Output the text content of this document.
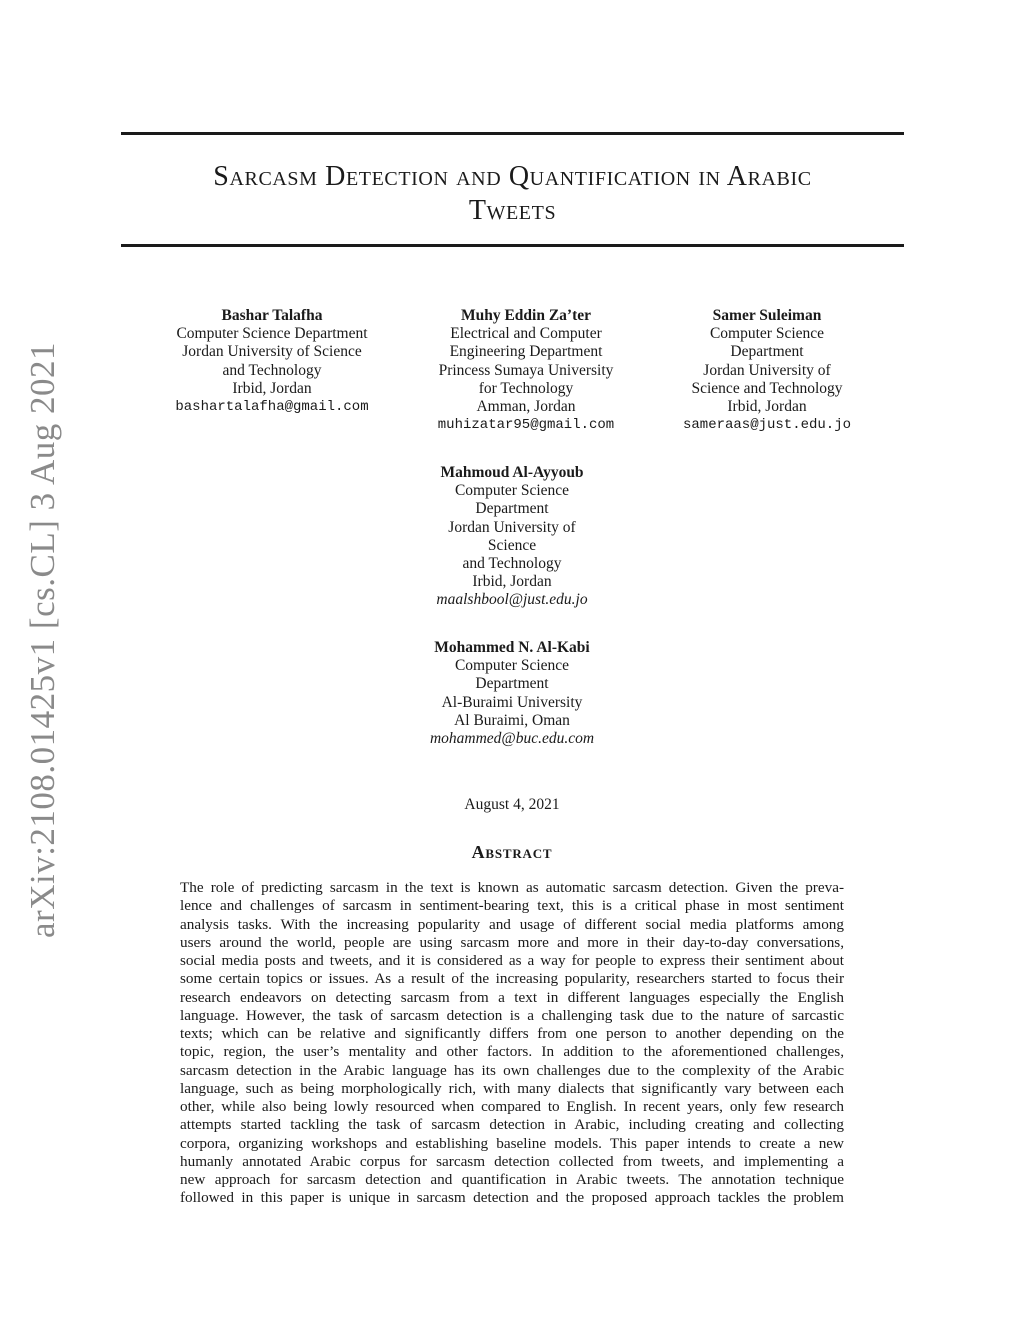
arXiv:2108.01425v1 [cs.CL] 3 Aug 2021
Sarcasm Detection and Quantification in Arabic
Tweets
Bashar Talafha
Computer Science Department
Jordan University of Science
and Technology
Irbid, Jordan
bashartalafha@gmail.com
Muhy Eddin Za’ter
Electrical and Computer
Engineering Department
Princess Sumaya University
for Technology
Amman, Jordan
muhizatar95@gmail.com
Samer Suleiman
Computer Science
Department
Jordan University of
Science and Technology
Irbid, Jordan
sameraas@just.edu.jo
Mahmoud Al-Ayyoub
Computer Science
Department
Jordan University of
Science
and Technology
Irbid, Jordan
maalshbool@just.edu.jo
Mohammed N. Al-Kabi
Computer Science
Department
Al-Buraimi University
Al Buraimi, Oman
mohammed@buc.edu.com
August 4, 2021
Abstract
The role of predicting sarcasm in the text is known as automatic sarcasm detection. Given the preva-
lence and challenges of sarcasm in sentiment-bearing text, this is a critical phase in most sentiment
analysis tasks. With the increasing popularity and usage of different social media platforms among
users around the world, people are using sarcasm more and more in their day-to-day conversations,
social media posts and tweets, and it is considered as a way for people to express their sentiment about
some certain topics or issues. As a result of the increasing popularity, researchers started to focus their
research endeavors on detecting sarcasm from a text in different languages especially the English
language. However, the task of sarcasm detection is a challenging task due to the nature of sarcastic
texts; which can be relative and significantly differs from one person to another depending on the
topic, region, the user’s mentality and other factors. In addition to the aforementioned challenges,
sarcasm detection in the Arabic language has its own challenges due to the complexity of the Arabic
language, such as being morphologically rich, with many dialects that significantly vary between each
other, while also being lowly resourced when compared to English. In recent years, only few research
attempts started tackling the task of sarcasm detection in Arabic, including creating and collecting
corpora, organizing workshops and establishing baseline models. This paper intends to create a new
humanly annotated Arabic corpus for sarcasm detection collected from tweets, and implementing a
new approach for sarcasm detection and quantification in Arabic tweets. The annotation technique
followed in this paper is unique in sarcasm detection and the proposed approach tackles the problem
